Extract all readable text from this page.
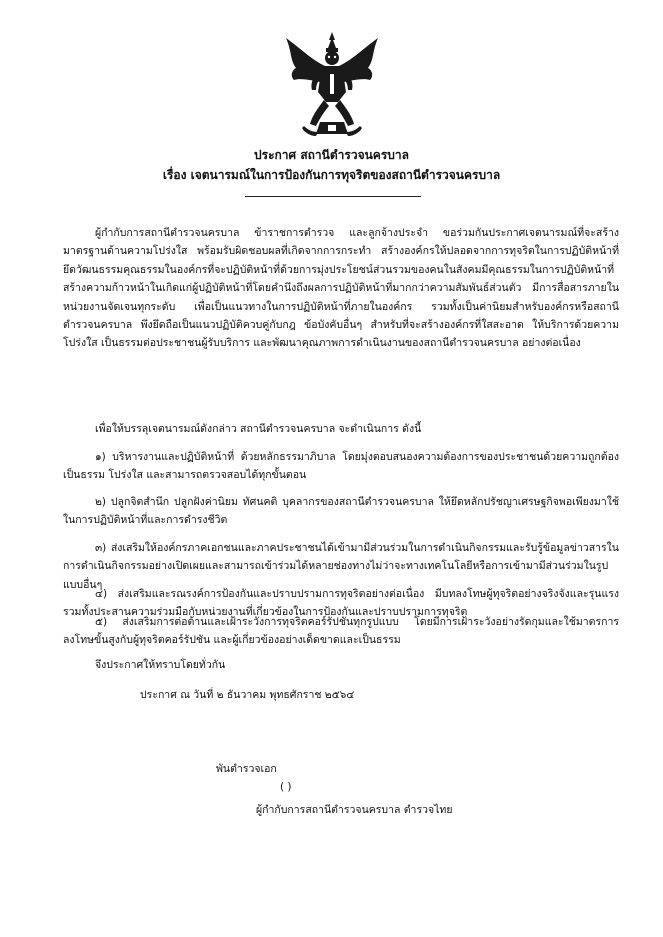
ประกาศ สถานีตำรวจนครบาล
เรื่อง เจตนารมณ์ในการป้องกันการทุจริตของสถานีตำรวจนครบาล

ผู้กำกับการสถานีตำรวจนครบาล ข้าราชการตำรวจ และลูกจ้างประจำ ขอร่วมกันประกาศเจตนารมณ์ที่จะสร้างมาตรฐานด้านความโปร่งใส พร้อมรับผิดชอบผลที่เกิดจากการกระทำ สร้างองค์กรให้ปลอดจากการทุจริตในการปฏิบัติหน้าที่ ยึดวัฒนธรรมคุณธรรมในองค์กรที่จะปฏิบัติหน้าที่ด้วยการมุ่งประโยชน์ส่วนรวมของคนในสังคมมีคุณธรรมในการปฏิบัติหน้าที่ สร้างความก้าวหน้าในเกิดแก่ผู้ปฏิบัติหน้าที่โดยคำนึงถึงผลการปฏิบัติหน้าที่มากกว่าความสัมพันธ์ส่วนตัว มีการสื่อสารภายในหน่วยงานจัดเจนทุกระดับ เพื่อเป็นแนวทางในการปฏิบัติหน้าที่ภายในองค์กร รวมทั้งเป็นค่านิยมสำหรับองค์กรหรือสถานีตำรวจนครบาล พึงยึดถือเป็นแนวปฏิบัติควบคู่กับกฎ ข้อบังคับอื่นๆ สำหรับที่จะสร้างองค์กรที่ใสสะอาด ให้บริการด้วยความโปร่งใส เป็นธรรมต่อประชาชนผู้รับบริการ และพัฒนาคุณภาพการดำเนินงานของสถานีตำรวจนครบาล อย่างต่อเนื่อง

เพื่อให้บรรลุเจตนารมณ์ดังกล่าว สถานีตำรวจนครบาล จะดำเนินการ ดังนี้

๑) บริหารงานและปฏิบัติหน้าที่ ด้วยหลักธรรมาภิบาล โดยมุ่งตอบสนองความต้องการของประชาชนด้วยความถูกต้อง เป็นธรรม โปร่งใส และสามารถตรวจสอบได้ทุกขั้นตอน

๒) ปลูกจิตสำนึก ปลูกฝังค่านิยม ทัศนคติ บุคลากรของสถานีตำรวจนครบาล ให้ยึดหลักปรัชญาเศรษฐกิจพอเพียงมาใช้ในการปฏิบัติหน้าที่และการดำรงชีวิต

๓) ส่งเสริมให้องค์กรภาคเอกชนและภาคประชาชนได้เข้ามามีส่วนร่วมในการดำเนินกิจกรรมและรับรู้ข้อมูลข่าวสารในการดำเนินกิจกรรมอย่างเปิดเผยและสามารถเข้าร่วมได้หลายช่องทางไม่ว่าจะทางเทคโนโลยีหรือการเข้ามามีส่วนร่วมในรูปแบบอื่นๆ

๔) ส่งเสริมและรณรงค์การป้องกันและปราบปรามการทุจริตอย่างต่อเนื่อง มีบทลงโทษผู้ทุจริตอย่างจริงจังและรุนแรง รวมทั้งประสานความร่วมมือกับหน่วยงานที่เกี่ยวข้องในการป้องกันและปราบปรามการทุจริต

๕) ส่งเสริมการต่อต้านและเฝ้าระวังการทุจริตคอร์รัปชันทุกรูปแบบ โดยมีการเฝ้าระวังอย่างรัดกุมและใช้มาตรการลงโทษขั้นสูงกับผู้ทุจริตคอร์รัปชัน และผู้เกี่ยวข้องอย่างเด็ดขาดและเป็นธรรม

จึงประกาศให้ทราบโดยทั่วกัน
ประกาศ ณ วันที่ ๒ ธันวาคม พุทธศักราช ๒๕๖๔
พันตำรวจเอก
( )
ผู้กำกับการสถานีตำรวจนครบาล ตำรวจไทย
